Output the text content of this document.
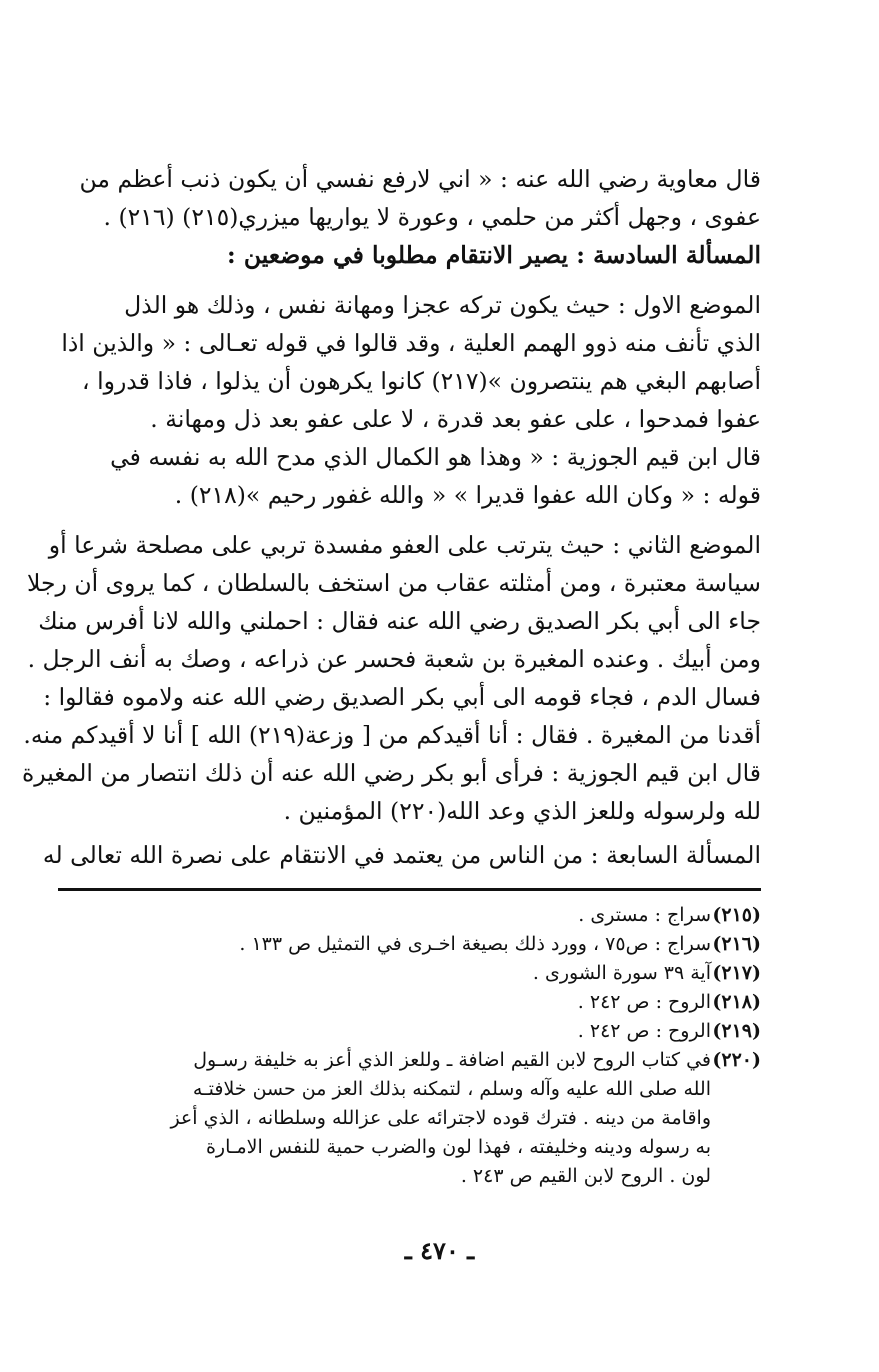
قال معاوية رضي الله عنه : « اني لارفع نفسي أن يكون ذنب أعظم من
عفوى ، وجهل أكثر من حلمي ، وعورة لا يواريها ميزري(٢١٥) (٢١٦) .
المسألة السادسة : يصير الانتقام مطلوبا في موضعين :
الموضع الاول : حيث يكون تركه عجزا ومهانة نفس ، وذلك هو الذل
الذي تأنف منه ذوو الهمم العلية ، وقد قالوا في قوله تعـالى : « والذين اذا
أصابهم البغي هم ينتصرون »(٢١٧) كانوا يكرهون أن يذلوا ، فاذا قدروا ،
عفوا فمدحوا ، على عفو بعد قدرة ، لا على عفو بعد ذل ومهانة .
قال ابن قيم الجوزية : « وهذا هو الكمال الذي مدح الله به نفسه في
قوله : « وكان الله عفوا قديرا » « والله غفور رحيم »(٢١٨) .
الموضع الثاني : حيث يترتب على العفو مفسدة تربي على مصلحة شرعا أو
سياسة معتبرة ، ومن أمثلته عقاب من استخف بالسلطان ، كما يروى أن رجلا
جاء الى أبي بكر الصديق رضي الله عنه فقال : احملني والله لانا أفرس منك
ومن أبيك . وعنده المغيرة بن شعبة فحسر عن ذراعه ، وصك به أنف الرجل .
فسال الدم ، فجاء قومه الى أبي بكر الصديق رضي الله عنه ولاموه فقالوا :
أقدنا من المغيرة . فقال : أنا أقيدكم من [ وزعة(٢١٩) الله ] أنا لا أقيدكم منه.
قال ابن قيم الجوزية : فرأى أبو بكر رضي الله عنه أن ذلك انتصار من المغيرة
لله ولرسوله وللعز الذي وعد الله(٢٢٠) المؤمنين .
المسألة السابعة : من الناس من يعتمد في الانتقام على نصرة الله تعالى له
(٢١٥)
سراج : مسترى .
(٢١٦)
سراج : ص٧٥ ، وورد ذلك بصيغة اخـرى في التمثيل ص ١٣٣ .
(٢١٧)
آية ٣٩ سورة الشورى .
(٢١٨)
الروح : ص ٢٤٢ .
(٢١٩)
الروح : ص ٢٤٢ .
(٢٢٠)
في كتاب الروح لابن القيم اضافة ـ وللعز الذي أعز به خليفة رسـول
الله صلى الله عليه وآله وسلم ، لتمكنه بذلك العز من حسن خلافتـه
واقامة من دينه . فترك قوده لاجترائه على عزالله وسلطانه ، الذي أعز
به رسوله ودينه وخليفته ، فهذا لون والضرب حمية للنفس الامـارة
لون . الروح لابن القيم ص ٢٤٣ .
ـ ٤٧٠ ـ
